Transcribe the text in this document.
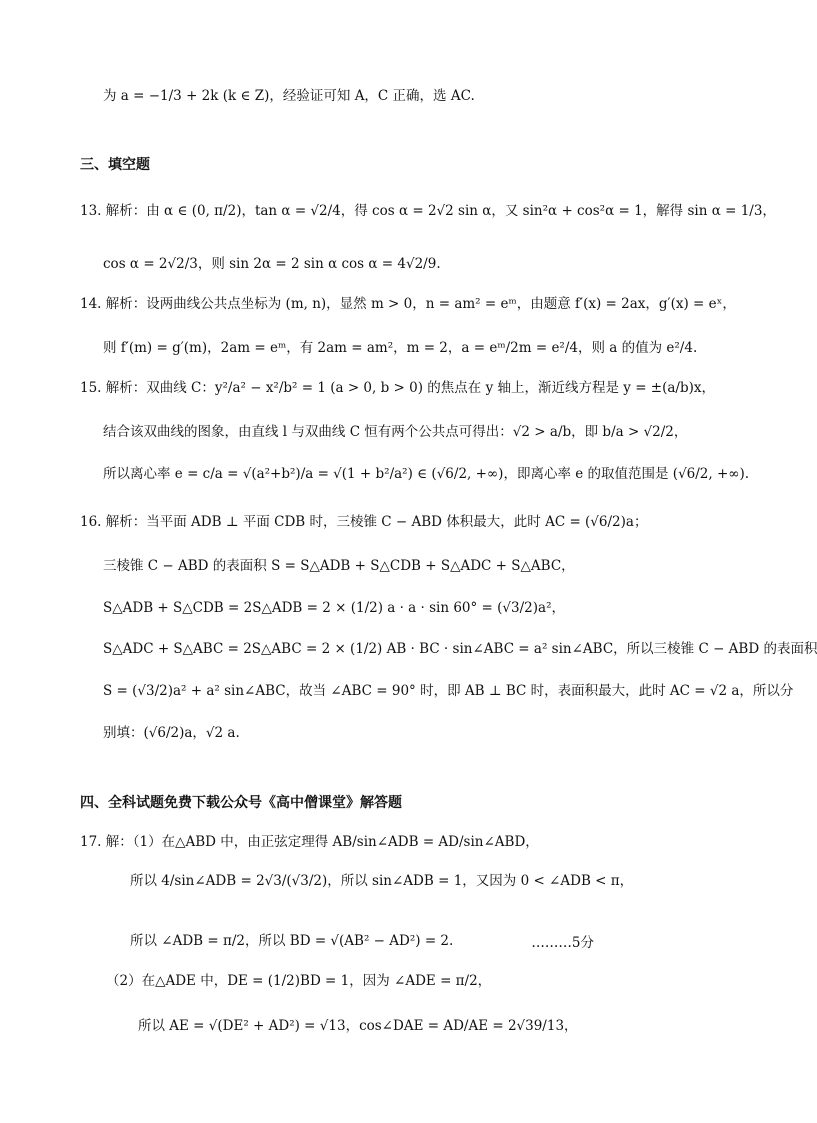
为 a = −1/3 + 2k (k ∈ Z)，经验证可知 A，C 正确，选 AC.
三、填空题
13. 解析：由 α ∈ (0, π/2)，tan α = √2/4，得 cos α = 2√2 sin α，又 sin²α + cos²α = 1，解得 sin α = 1/3，
cos α = 2√2/3，则 sin 2α = 2 sin α cos α = 4√2/9.
14. 解析：设两曲线公共点坐标为 (m, n)，显然 m > 0，n = am² = eᵐ，由题意 f′(x) = 2ax，g′(x) = eˣ，
则 f′(m) = g′(m)，2am = eᵐ，有 2am = am²，m = 2，a = eᵐ/2m = e²/4，则 a 的值为 e²/4.
15. 解析：双曲线 C：y²/a² − x²/b² = 1 (a > 0, b > 0) 的焦点在 y 轴上，渐近线方程是 y = ±(a/b)x，
结合该双曲线的图象，由直线 l 与双曲线 C 恒有两个公共点可得出：√2 > a/b，即 b/a > √2/2，
所以离心率 e = c/a = √(a²+b²)/a = √(1 + b²/a²) ∈ (√6/2, +∞)，即离心率 e 的取值范围是 (√6/2, +∞).
16. 解析：当平面 ADB ⊥ 平面 CDB 时，三棱锥 C − ABD 体积最大，此时 AC = (√6/2)a；
三棱锥 C − ABD 的表面积 S = S△ADB + S△CDB + S△ADC + S△ABC，
S△ADB + S△CDB = 2S△ADB = 2 × (1/2) a · a · sin 60° = (√3/2)a²，
S△ADC + S△ABC = 2S△ABC = 2 × (1/2) AB · BC · sin∠ABC = a² sin∠ABC，所以三棱锥 C − ABD 的表面积
S = (√3/2)a² + a² sin∠ABC，故当 ∠ABC = 90° 时，即 AB ⊥ BC 时，表面积最大，此时 AC = √2 a，所以分
别填：(√6/2)a，√2 a.
四、全科试题免费下载公众号《高中僧课堂》解答题
17. 解：（1）在△ABD 中，由正弦定理得 AB/sin∠ADB = AD/sin∠ABD，
所以 4/sin∠ADB = 2√3/(√3/2)，所以 sin∠ADB = 1，又因为 0 < ∠ADB < π，
所以 ∠ADB = π/2，所以 BD = √(AB² − AD²) = 2.	………5分
（2）在△ADE 中，DE = (1/2)BD = 1，因为 ∠ADE = π/2，
所以 AE = √(DE² + AD²) = √13，cos∠DAE = AD/AE = 2√39/13，
